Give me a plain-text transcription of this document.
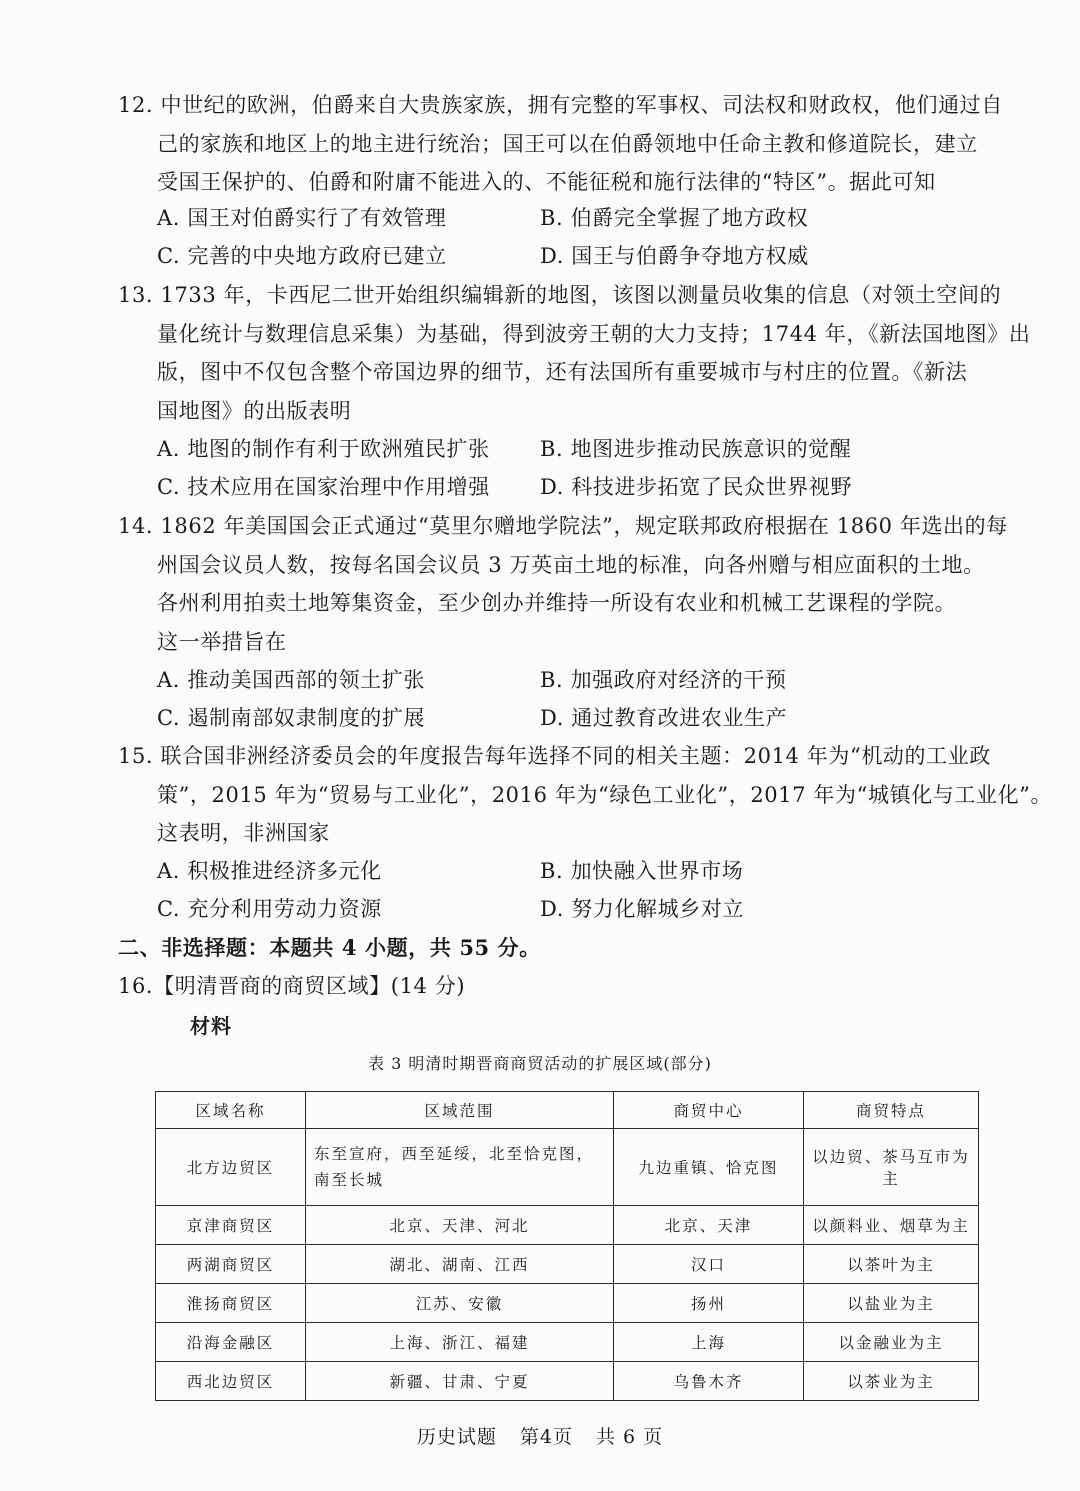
12. 中世纪的欧洲，伯爵来自大贵族家族，拥有完整的军事权、司法权和财政权，他们通过自
己的家族和地区上的地主进行统治；国王可以在伯爵领地中任命主教和修道院长，建立
受国王保护的、伯爵和附庸不能进入的、不能征税和施行法律的“特区”。据此可知
A. 国王对伯爵实行了有效管理	B. 伯爵完全掌握了地方政权
C. 完善的中央地方政府已建立	D. 国王与伯爵争夺地方权威
13. 1733 年，卡西尼二世开始组织编辑新的地图，该图以测量员收集的信息（对领土空间的
量化统计与数理信息采集）为基础，得到波旁王朝的大力支持；1744 年，《新法国地图》出
版，图中不仅包含整个帝国边界的细节，还有法国所有重要城市与村庄的位置。《新法
国地图》的出版表明
A. 地图的制作有利于欧洲殖民扩张 B. 地图进步推动民族意识的觉醒
C. 技术应用在国家治理中作用增强 D. 科技进步拓宽了民众世界视野
14. 1862 年美国国会正式通过“莫里尔赠地学院法”，规定联邦政府根据在 1860 年选出的每
州国会议员人数，按每名国会议员 3 万英亩土地的标准，向各州赠与相应面积的土地。
各州利用拍卖土地筹集资金，至少创办并维持一所设有农业和机械工艺课程的学院。
这一举措旨在
A. 推动美国西部的领土扩张	B. 加强政府对经济的干预
C. 遏制南部奴隶制度的扩展	D. 通过教育改进农业生产
15. 联合国非洲经济委员会的年度报告每年选择不同的相关主题：2014 年为“机动的工业政
策”，2015 年为“贸易与工业化”，2016 年为“绿色工业化”，2017 年为“城镇化与工业化”。
这表明，非洲国家
A. 积极推进经济多元化	B. 加快融入世界市场
C. 充分利用劳动力资源	D. 努力化解城乡对立
二、非选择题：本题共 4 小题，共 55 分。
16.【明清晋商的商贸区域】(14 分)
材料
表 3 明清时期晋商商贸活动的扩展区域(部分)
区域名称	区域范围	商贸中心	商贸特点
北方边贸区	东至宣府，西至延绥，北至恰克图，南至长城	九边重镇、恰克图	以边贸、茶马互市为主
京津商贸区	北京、天津、河北	北京、天津	以颜料业、烟草为主
两湖商贸区	湖北、湖南、江西	汉口	以茶叶为主
淮扬商贸区	江苏、安徽	扬州	以盐业为主
沿海金融区	上海、浙江、福建	上海	以金融业为主
西北边贸区	新疆、甘肃、宁夏	乌鲁木齐	以茶业为主
历史试题 第4页 共 6 页
